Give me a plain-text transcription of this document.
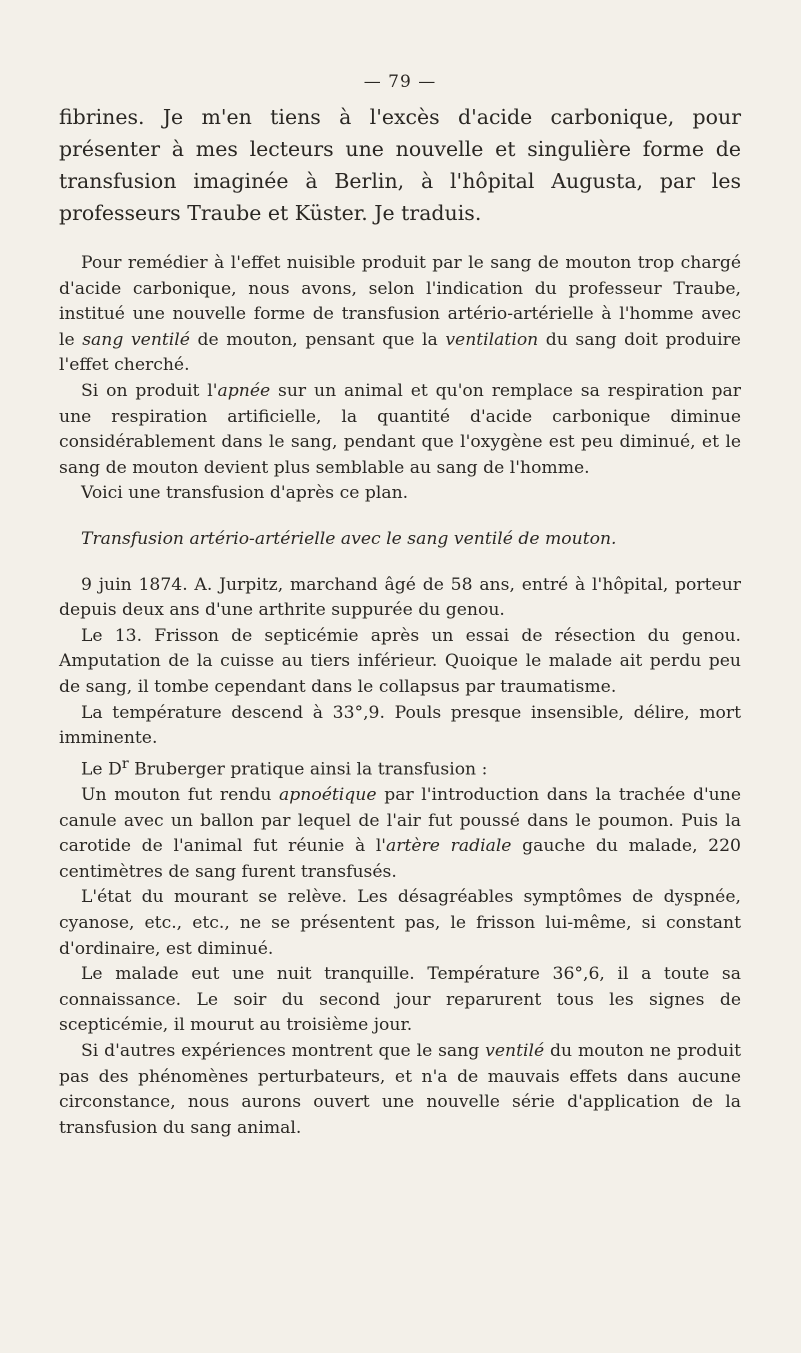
— 79 —

fibrines. Je m'en tiens à l'excès d'acide carbonique, pour présenter à mes lecteurs une nouvelle et singulière forme de transfusion imaginée à Berlin, à l'hôpital Augusta, par les professeurs Traube et Küster. Je traduis.

Pour remédier à l'effet nuisible produit par le sang de mouton trop chargé d'acide carbonique, nous avons, selon l'indication du professeur Traube, institué une nouvelle forme de transfusion artério-artérielle à l'homme avec le sang ventilé de mouton, pensant que la ventilation du sang doit produire l'effet cherché.

Si on produit l'apnée sur un animal et qu'on remplace sa respiration par une respiration artificielle, la quantité d'acide carbonique diminue considérablement dans le sang, pendant que l'oxygène est peu diminué, et le sang de mouton devient plus semblable au sang de l'homme.

Voici une transfusion d'après ce plan.

Transfusion artério-artérielle avec le sang ventilé de mouton.

9 juin 1874. A. Jurpitz, marchand âgé de 58 ans, entré à l'hôpital, porteur depuis deux ans d'une arthrite suppurée du genou.

Le 13. Frisson de septicémie après un essai de résection du genou. Amputation de la cuisse au tiers inférieur. Quoique le malade ait perdu peu de sang, il tombe cependant dans le collapsus par traumatisme.

La température descend à 33°,9. Pouls presque insensible, délire, mort imminente.

Le $D^r$ Bruberger pratique ainsi la transfusion :

Un mouton fut rendu apnoétique par l'introduction dans la trachée d'une canule avec un ballon par lequel de l'air fut poussé dans le poumon. Puis la carotide de l'animal fut réunie à l'artère radiale gauche du malade, 220 centimètres de sang furent transfusés.

L'état du mourant se relève. Les désagréables symptômes de dyspnée, cyanose, etc., etc., ne se présentent pas, le frisson lui-même, si constant d'ordinaire, est diminué.

Le malade eut une nuit tranquille. Température 36°,6, il a toute sa connaissance. Le soir du second jour reparurent tous les signes de scepticémie, il mourut au troisième jour.

Si d'autres expériences montrent que le sang ventilé du mouton ne produit pas des phénomènes perturbateurs, et n'a de mauvais effets dans aucune circonstance, nous aurons ouvert une nouvelle série d'application de la transfusion du sang animal.
